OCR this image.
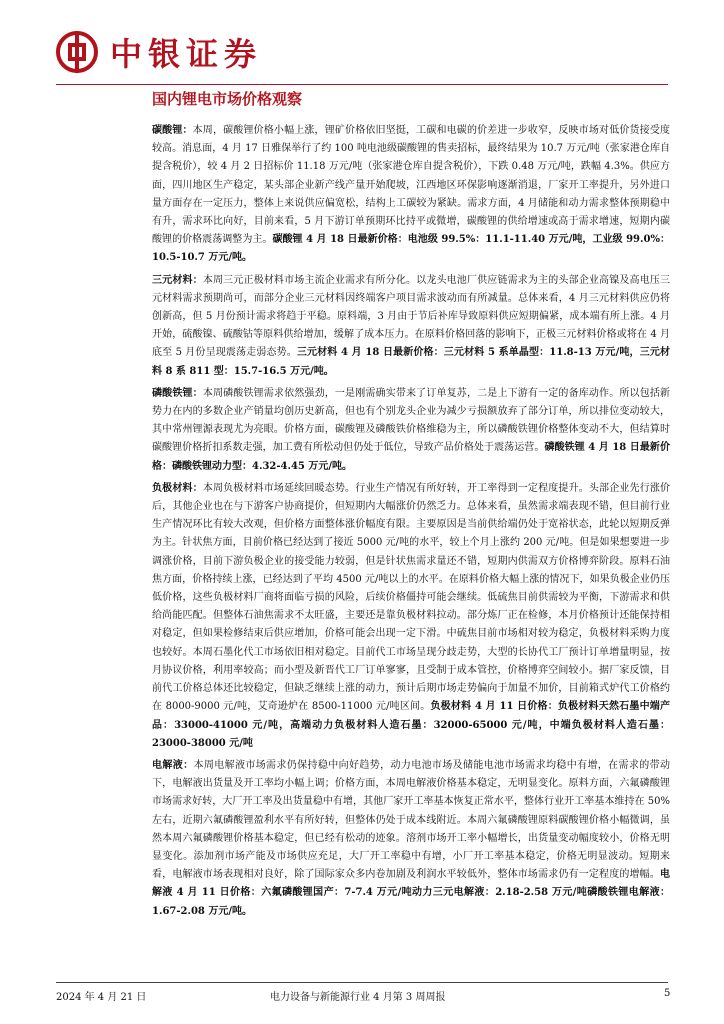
中银证券
国内锂电市场价格观察

碳酸锂：本周，碳酸锂价格小幅上涨，锂矿价格依旧坚挺，工碳和电碳的价差进一步收窄，反映市场对低价货接受度较高。消息面，4 月 17 日雅保举行了约 100 吨电池级碳酸锂的售卖招标，最终结果为 10.7 万元/吨（张家港仓库自提含税价），较 4 月 2 日招标价 11.18 万元/吨（张家港仓库自提含税价），下跌 0.48 万元/吨，跌幅 4.3%。供应方面，四川地区生产稳定，某头部企业新产线产量开始爬坡，江西地区环保影响逐渐消退，厂家开工率提升，另外进口量方面存在一定压力，整体上来说供应偏宽松，结构上工碳较为紧缺。需求方面，4 月储能和动力需求整体预期稳中有升，需求环比向好，目前来看，5 月下游订单预期环比持平或微增，碳酸锂的供给增速或高于需求增速，短期内碳酸锂的价格震荡调整为主。碳酸锂 4 月 18 日最新价格：电池级 99.5%：11.1-11.40 万元/吨，工业级 99.0%：10.5-10.7 万元/吨。

三元材料：本周三元正极材料市场主流企业需求有所分化。以龙头电池厂供应链需求为主的头部企业高镍及高电压三元材料需求预期尚可，而部分企业三元材料因终端客户项目需求波动而有所减量。总体来看，4 月三元材料供应仍将创新高，但 5 月份预计需求将趋于平稳。原料端，3 月由于节后补库导致原料供应短期偏紧，成本端有所上涨。4 月开始，硫酸镍、硫酸钴等原料供给增加，缓解了成本压力。在原料价格回落的影响下，正极三元材料价格或将在 4 月底至 5 月份呈现震荡走弱态势。三元材料 4 月 18 日最新价格：三元材料 5 系单晶型：11.8-13 万元/吨，三元材料 8 系 811 型：15.7-16.5 万元/吨。

磷酸铁锂：本周磷酸铁锂需求依然强劲，一是刚需确实带来了订单复苏，二是上下游有一定的备库动作。所以包括新势力在内的多数企业产销量均创历史新高，但也有个别龙头企业为减少亏损额放弃了部分订单，所以排位变动较大，其中常州锂源表现尤为亮眼。价格方面，碳酸锂及磷酸铁价格维稳为主，所以磷酸铁锂价格整体变动不大，但结算时碳酸锂价格折扣系数走强，加工费有所松动但仍处于低位，导致产品价格处于震荡运营。磷酸铁锂 4 月 18 日最新价格：磷酸铁锂动力型：4.32-4.45 万元/吨。

负极材料：本周负极材料市场延续回暖态势。行业生产情况有所好转，开工率得到一定程度提升。头部企业先行涨价后，其他企业也在与下游客户协商提价，但短期内大幅涨价仍然乏力。总体来看，虽然需求端表现不错，但目前行业生产情况环比有较大改观，但价格方面整体涨价幅度有限。主要原因是当前供给端仍处于宽裕状态，此轮以短期反弹为主。针状焦方面，目前价格已经达到了接近 5000 元/吨的水平，较上个月上涨约 200 元/吨。但是如果想要进一步调涨价格，目前下游负极企业的接受能力较弱，但是针状焦需求量还不错，短期内供需双方价格博弈阶段。原料石油焦方面，价格持续上涨，已经达到了平均 4500 元/吨以上的水平。在原料价格大幅上涨的情况下，如果负极企业仍压低价格，这些负极材料厂商将面临亏损的风险，后续价格僵持可能会继续。低硫焦目前供需较为平衡，下游需求和供给尚能匹配。但整体石油焦需求不太旺盛，主要还是靠负极材料拉动。部分炼厂正在检修，本月价格预计还能保持相对稳定，但如果检修结束后供应增加，价格可能会出现一定下滑。中硫焦目前市场相对较为稳定，负极材料采购力度也较好。本周石墨化代工市场依旧相对稳定。目前代工市场呈现分歧走势，大型的长协代工厂预计订单增量明显，按月协议价格，利用率较高；而小型及新晋代工厂订单寥寥，且受制于成本管控，价格博弈空间较小。据厂家反馈，目前代工价格总体还比较稳定，但缺乏继续上涨的动力，预计后期市场走势偏向于加量不加价，目前箱式炉代工价格约在 8000-9000 元/吨，艾奇逊炉在 8500-11000 元/吨区间。负极材料 4 月 11 日价格：负极材料天然石墨中端产品：33000-41000 元/吨，高端动力负极材料人造石墨：32000-65000 元/吨，中端负极材料人造石墨：23000-38000 元/吨

电解液：本周电解液市场需求仍保持稳中向好趋势，动力电池市场及储能电池市场需求均稳中有增，在需求的带动下，电解液出货量及开工率均小幅上调；价格方面，本周电解液价格基本稳定，无明显变化。原料方面，六氟磷酸锂市场需求好转，大厂开工率及出货量稳中有增，其他厂家开工率基本恢复正常水平，整体行业开工率基本维持在 50%左右，近期六氟磷酸锂盈利水平有所好转，但整体仍处于成本线附近。本周六氟磷酸锂原料碳酸锂价格小幅微调，虽然本周六氟磷酸锂价格基本稳定，但已经有松动的迹象。溶剂市场开工率小幅增长，出货量变动幅度较小，价格无明显变化。添加剂市场产能及市场供应充足，大厂开工率稳中有增，小厂开工率基本稳定，价格无明显波动。短期来看，电解液市场表现相对良好，除了国际家众多内卷加剧及利润水平较低外，整体市场需求仍有一定程度的增幅。电解液 4 月 11 日价格：六氟磷酸锂国产：7-7.4 万元/吨动力三元电解液：2.18-2.58 万元/吨磷酸铁锂电解液：1.67-2.08 万元/吨。

2024 年 4 月 21 日	电力设备与新能源行业 4 月第 3 周周报	5
